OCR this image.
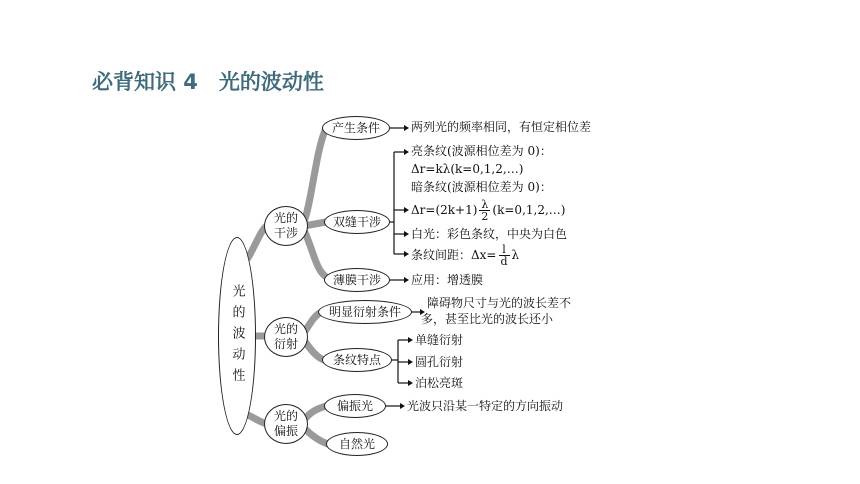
必背知识 4　光的波动性
光的波动性
光的
干涉
光的
衍射
光的
偏振
产生条件
双缝干涉
薄膜干涉
明显衍射条件
条纹特点
偏振光
自然光
两列光的频率相同，有恒定相位差
亮条纹(波源相位差为 0)：
Δr=kλ(k=0,1,2,…)
暗条纹(波源相位差为 0)：
$\Delta r=(2k+1) \frac{\lambda}{2}$ (k=0,1,2,…)
白光：彩色条纹，中央为白色
条纹间距：$\Delta x= \frac{l}{d}$ λ
应用：增透膜
障碍物尺寸与光的波长差不
多，甚至比光的波长还小
单缝衍射
圆孔衍射
泊松亮斑
光波只沿某一特定的方向振动
